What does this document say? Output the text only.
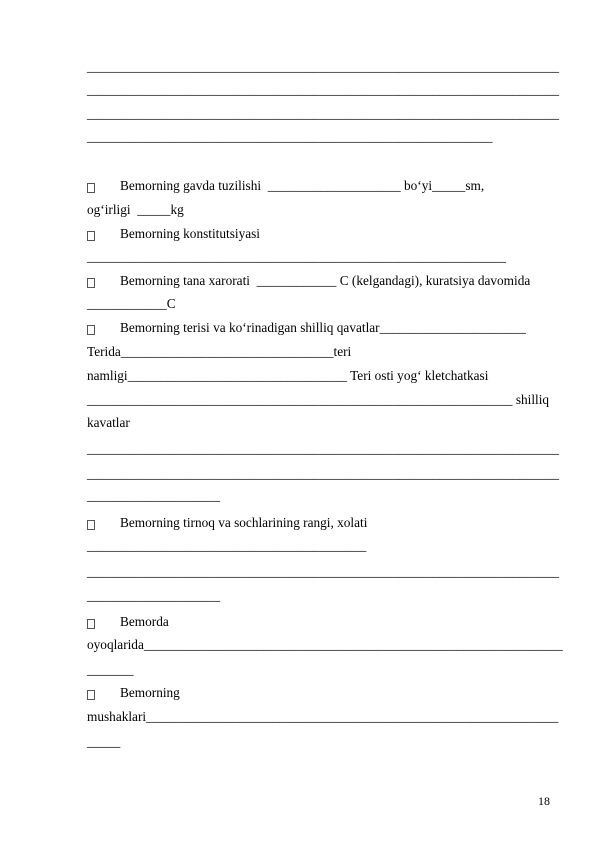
_______________________________________________________________________
_______________________________________________________________________
_______________________________________________________________________
_____________________________________________________________
Bemorning gavda tuzilishi  ____________________ bo‘yi_____sm,
og‘irligi  _____kg
Bemorning konstitutsiyasi
_______________________________________________________________
Bemorning tana xarorati  ____________ C (kelgandagi), kuratsiya davomida
____________C
Bemorning terisi va ko‘rinadigan shilliq qavatlar______________________
Terida________________________________teri
namligi_________________________________ Teri osti yog‘ kletchatkasi
________________________________________________________________ shilliq
kavatlar
_______________________________________________________________________
_______________________________________________________________________
____________________
Bemorning tirnoq va sochlarining rangi, xolati
__________________________________________
_______________________________________________________________________
____________________
Bemorda
oyoqlarida_______________________________________________________________
_______
Bemorning
mushaklari______________________________________________________________
_____
18
